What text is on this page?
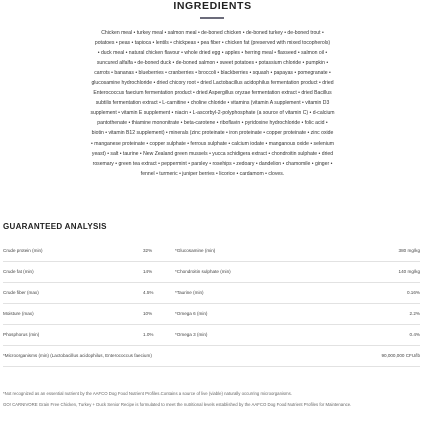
INGREDIENTS
Chicken meal • turkey meal • salmon meal • de-boned chicken • de-boned turkey • de-boned trout •
potatoes • peas • tapioca • lentils • chickpeas • pea fiber • chicken fat (preserved with mixed tocopherols)
• duck meal • natural chicken flavour • whole dried egg • apples • herring meal • flaxseed • salmon oil •
suncured alfalfa • de-boned duck • de-boned salmon • sweet potatoes • potassium chloride • pumpkin •
carrots • bananas • blueberries • cranberries • broccoli • blackberries • squash • papayas • pomegranate •
glucosamine hydrochloride • dried chicory root • dried Lactobacillus acidophilus fermentation product • dried
Enterococcus faecium fermentation product • dried Aspergillus oryzae fermentation extract • dried Bacillus
subtilis fermentation extract • L-carnitine • choline chloride • vitamins (vitamin A supplement • vitamin D3
supplement • vitamin E supplement • niacin • L-ascorbyl-2-polyphosphate (a source of vitamin C) • d-calcium
pantothenate • thiamine mononitrate • beta-carotene • riboflavin • pyridoxine hydrochloride • folic acid •
biotin • vitamin B12 supplement) • minerals (zinc proteinate • iron proteinate • copper proteinate • zinc oxide
• manganese proteinate • copper sulphate • ferrous sulphate • calcium iodate • manganous oxide • selenium
yeast) • salt • taurine • New Zealand green mussels • yucca schidigera extract • chondroitin sulphate • dried
rosemary • green tea extract • peppermint • parsley • rosehips • zedoary • dandelion • chamomile • ginger •
fennel • turmeric • juniper berries • licorice • cardamom • cloves.
GUARANTEED ANALYSIS
Crude protein (min)	32%	*Glucosamine (min)	380 mg/kg
Crude fat (min)	14%	*Chondroitin sulphate (min)	140 mg/kg
Crude fiber (max)	4.5%	*Taurine (min)	0.16%
Moisture (max)	10%	*Omega 6 (min)	2.2%
Phosphorus (min)	1.0%	*Omega 3 (min)	0.4%
*Microorganisms (min) (Lactobacillus acidophilus, Enterococcus faecium)	90,000,000 CFU/lb
*Not recognized as an essential nutrient by the AAFCO Dog Food Nutrient Profiles.Contains a source of live (viable) naturally occurring microorganisms.
GO! CARNIVORE Grain Free Chicken, Turkey + Duck Senior Recipe is formulated to meet the nutritional levels established by the AAFCO Dog Food Nutrient Profiles for Maintenance.
